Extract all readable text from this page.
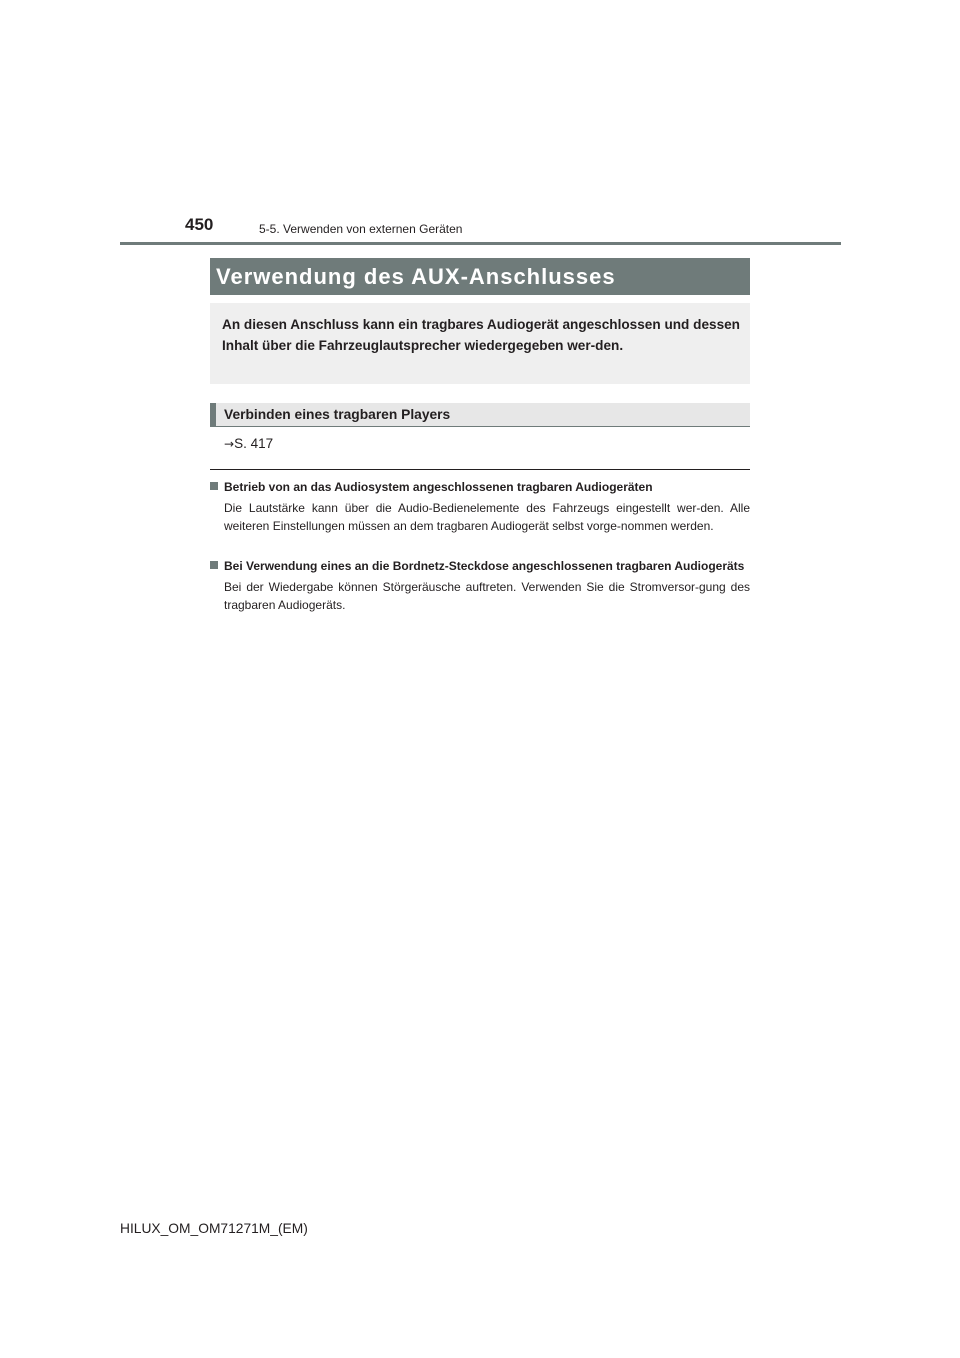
450	5-5. Verwenden von externen Geräten
Verwendung des AUX-Anschlusses
An diesen Anschluss kann ein tragbares Audiogerät angeschlossen und dessen Inhalt über die Fahrzeuglautsprecher wiedergegeben wer-den.
Verbinden eines tragbaren Players
→S. 417
Betrieb von an das Audiosystem angeschlossenen tragbaren Audiogeräten
Die Lautstärke kann über die Audio-Bedienelemente des Fahrzeugs eingestellt wer-den. Alle weiteren Einstellungen müssen an dem tragbaren Audiogerät selbst vorge-nommen werden.
Bei Verwendung eines an die Bordnetz-Steckdose angeschlossenen tragbaren Audiogeräts
Bei der Wiedergabe können Störgeräusche auftreten. Verwenden Sie die Stromversor-gung des tragbaren Audiogeräts.
HILUX_OM_OM71271M_(EM)
